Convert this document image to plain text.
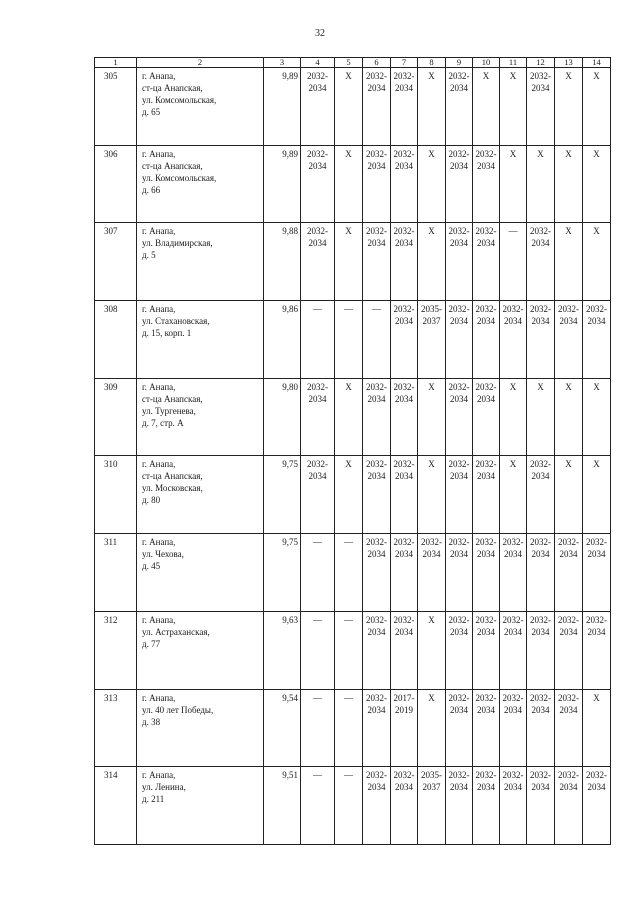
32
1	2	3	4	5	6	7	8	9	10	11	12	13	14
305	г. Анапа,
ст-ца Анапская,
ул. Комсомольская,
д. 65	9,89	2032-
2034	X	2032-
2034	2032-
2034	X	2032-
2034	X	X	2032-
2034	X	X
306	г. Анапа,
ст-ца Анапская,
ул. Комсомольская,
д. 66	9,89	2032-
2034	X	2032-
2034	2032-
2034	X	2032-
2034	2032-
2034	X	X	X	X
307	г. Анапа,
ул. Владимирская,
д. 5	9,88	2032-
2034	X	2032-
2034	2032-
2034	X	2032-
2034	2032-
2034	—	2032-
2034	X	X
308	г. Анапа,
ул. Стахановская,
д. 15, корп. 1	9,86	—	—	—	2032-
2034	2035-
2037	2032-
2034	2032-
2034	2032-
2034	2032-
2034	2032-
2034	2032-
2034
309	г. Анапа,
ст-ца Анапская,
ул. Тургенева,
д. 7, стр. А	9,80	2032-
2034	X	2032-
2034	2032-
2034	X	2032-
2034	2032-
2034	X	X	X	X
310	г. Анапа,
ст-ца Анапская,
ул. Московская,
д. 80	9,75	2032-
2034	X	2032-
2034	2032-
2034	X	2032-
2034	2032-
2034	X	2032-
2034	X	X
311	г. Анапа,
ул. Чехова,
д. 45	9,75	—	—	2032-
2034	2032-
2034	2032-
2034	2032-
2034	2032-
2034	2032-
2034	2032-
2034	2032-
2034	2032-
2034
312	г. Анапа,
ул. Астраханская,
д. 77	9,63	—	—	2032-
2034	2032-
2034	X	2032-
2034	2032-
2034	2032-
2034	2032-
2034	2032-
2034	2032-
2034
313	г. Анапа,
ул. 40 лет Победы,
д. 38	9,54	—	—	2032-
2034	2017-
2019	X	2032-
2034	2032-
2034	2032-
2034	2032-
2034	2032-
2034	X
314	г. Анапа,
ул. Ленина,
д. 211	9,51	—	—	2032-
2034	2032-
2034	2035-
2037	2032-
2034	2032-
2034	2032-
2034	2032-
2034	2032-
2034	2032-
2034
